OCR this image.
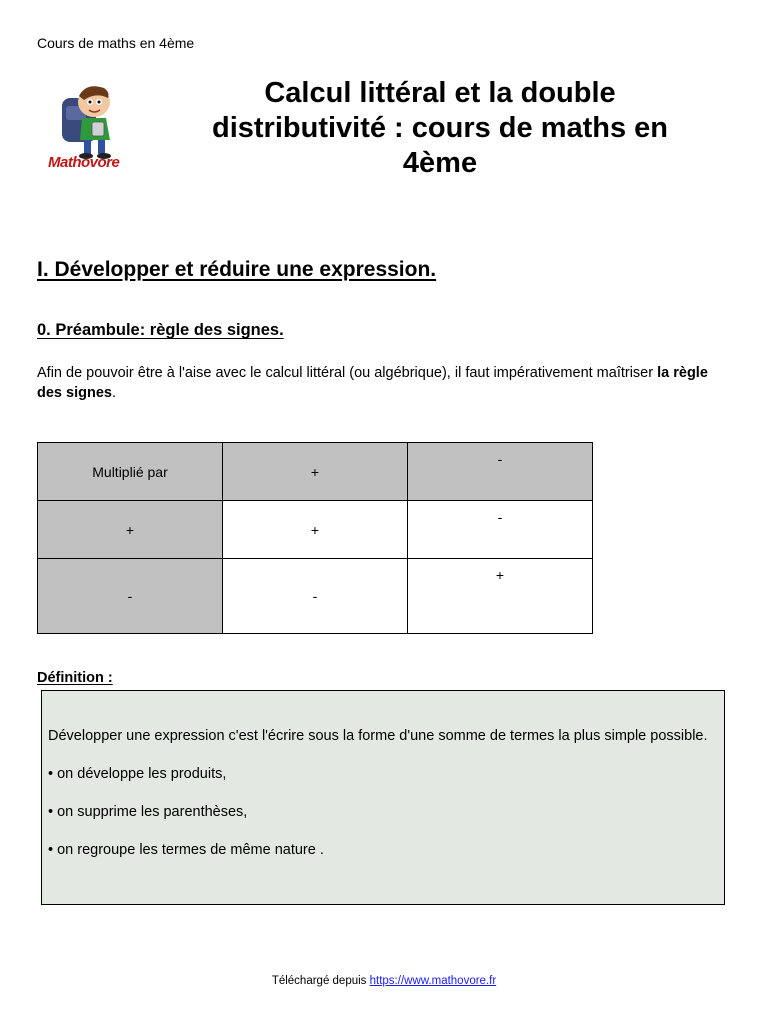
Cours de maths en 4ème
Mathovore
Calcul littéral et la double distributivité : cours de maths en 4ème
I. Développer et réduire une expression.
0. Préambule: règle des signes.
Afin de pouvoir être à l'aise avec le calcul littéral (ou algébrique), il faut impérativement maîtriser la règle des signes.
Multiplié par	+	-
+	+	-
-	-	+
Définition :

Développer une expression c'est l'écrire sous la forme d'une somme de termes la plus simple possible.

• on développe les produits,

• on supprime les parenthèses,

• on regroupe les termes de même nature .

Téléchargé depuis https://www.mathovore.fr
